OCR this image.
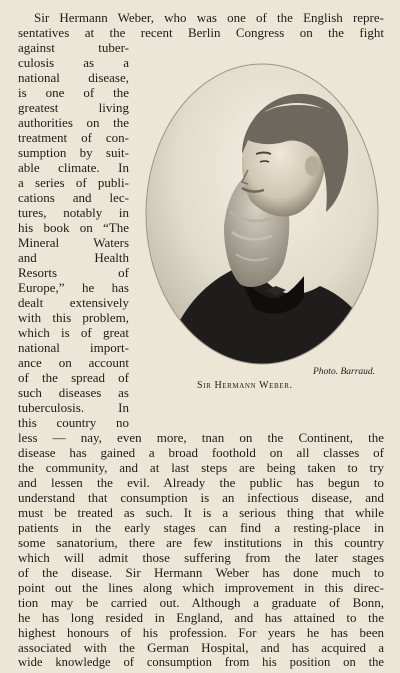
Sir Hermann Weber, who was one of the English repre-

sentatives at the recent Berlin Congress on the fight

against tuber-

culosis as a

national disease,

is one of the

greatest living

authorities on the

treatment of con-

sumption by suit-

able climate. In

a series of publi-

cations and lec-

tures, notably in

his book on “The

Mineral Waters

and Health

Resorts of

Europe,” he has

dealt extensively

with this problem,

which is of great

national import-

ance on account

of the spread of

such diseases as

tuberculosis. In

this country no

less — nay, even more, tnan on the Continent, the

disease has gained a broad foothold on all classes of

the community, and at last steps are being taken to try

and lessen the evil. Already the public has begun to

understand that consumption is an infectious disease, and

must be treated as such. It is a serious thing that while

patients in the early stages can find a resting-place in

some sanatorium, there are few institutions in this country

which will admit those suffering from the later stages

of the disease. Sir Hermann Weber has done much to

point out the lines along which improvement in this direc-

tion may be carried out. Although a graduate of Bonn,

he has long resided in England, and has attained to the

highest honours of his profession. For years he has been

associated with the German Hospital, and has acquired a

wide knowledge of consumption from his position on the

Photo. Barraud.
Sir Hermann Weber.
